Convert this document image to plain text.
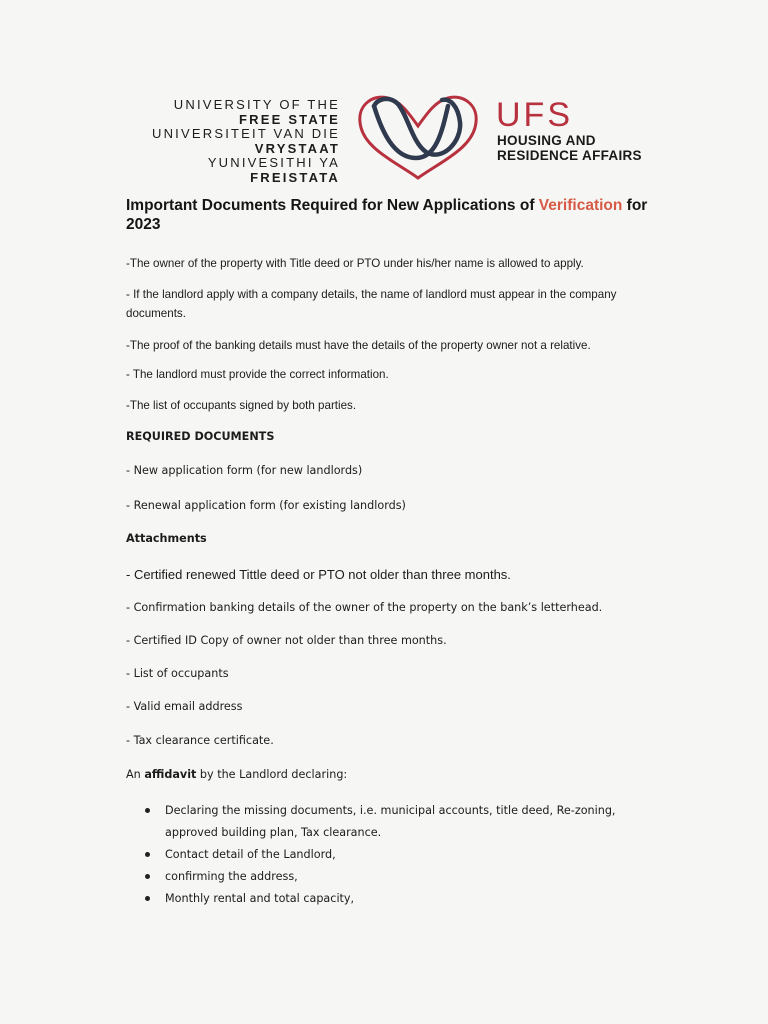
UNIVERSITY OF THE
FREE STATE
UNIVERSITEIT VAN DIE
VRYSTAAT
YUNIVESITHI YA
FREISTATA
UFS
HOUSING AND
RESIDENCE AFFAIRS
Important Documents Required for New Applications of Verification for 2023

-The owner of the property with Title deed or PTO under his/her name is allowed to apply.

- If the landlord apply with a company details, the name of landlord must appear in the company documents.

-The proof of the banking details must have the details of the property owner not a relative.

- The landlord must provide the correct information.

-The list of occupants signed by both parties.

REQUIRED DOCUMENTS

- New application form (for new landlords)

- Renewal application form (for existing landlords)

Attachments

- Certified renewed Tittle deed or PTO not older than three months.

- Confirmation banking details of the owner of the property on the bank’s letterhead.

- Certified ID Copy of owner not older than three months.

- List of occupants

- Valid email address

- Tax clearance certificate.

An affidavit by the Landlord declaring:

Declaring the missing documents, i.e. municipal accounts, title deed, Re-zoning, approved building plan, Tax clearance.
Contact detail of the Landlord,
confirming the address,
Monthly rental and total capacity,
